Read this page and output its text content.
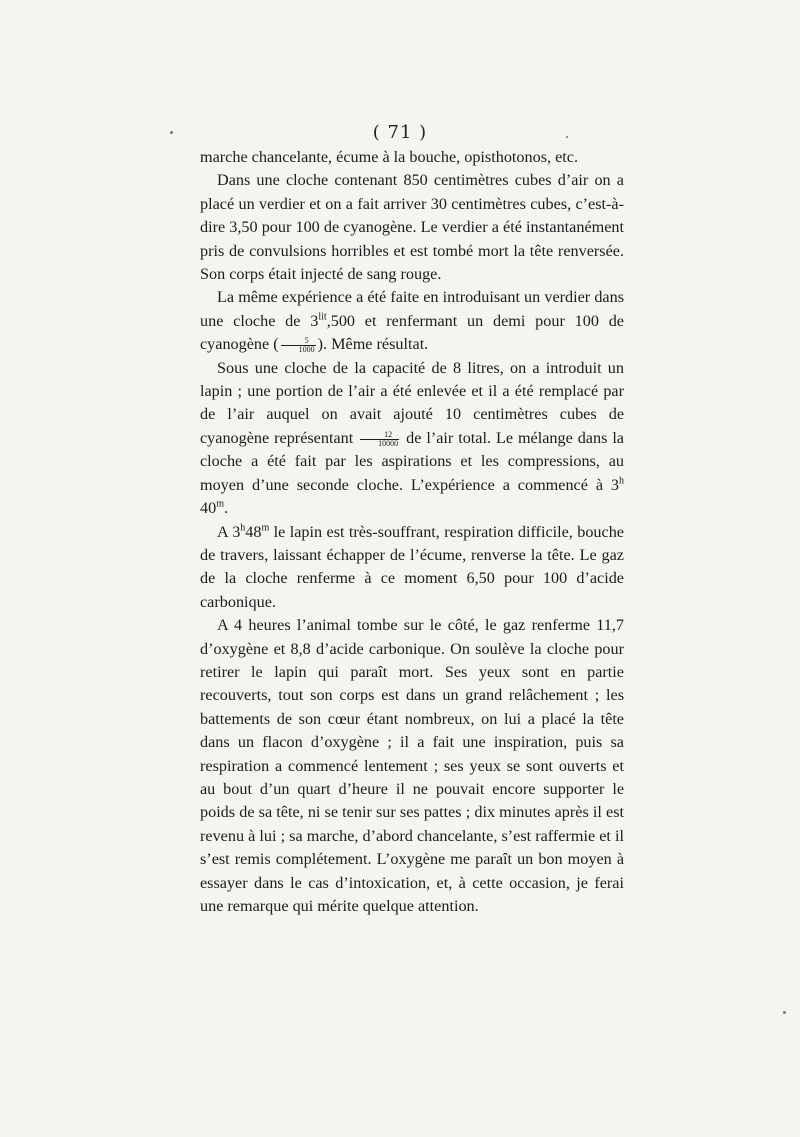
( 71 )

marche chancelante, écume à la bouche, opisthotonos, etc.

Dans une cloche contenant 850 centimètres cubes d’air on a placé un verdier et on a fait arriver 30 centimètres cubes, c’est-à-dire 3,50 pour 100 de cyanogène. Le verdier a été instantanément pris de convulsions horribles et est tombé mort la tête renversée. Son corps était injecté de sang rouge.

La même expérience a été faite en introduisant un verdier dans une cloche de $3^{lit},500$ et renfermant un demi pour 100 de cyanogène ( $\frac{5}{1000}$ ). Même résultat.

Sous une cloche de la capacité de 8 litres, on a introduit un lapin ; une portion de l’air a été enlevée et il a été remplacé par de l’air auquel on avait ajouté 10 centimètres cubes de cyanogène représentant $\frac{12}{10000}$ de l’air total. Le mélange dans la cloche a été fait par les aspirations et les compressions, au moyen d’une seconde cloche. L’expérience a commencé à 3$^h$ 40$^m$.

A 3$^h$48$^m$ le lapin est très-souffrant, respiration difficile, bouche de travers, laissant échapper de l’écume, renverse la tête. Le gaz de la cloche renferme à ce moment 6,50 pour 100 d’acide carbonique.

A 4 heures l’animal tombe sur le côté, le gaz renferme 11,7 d’oxygène et 8,8 d’acide carbonique. On soulève la cloche pour retirer le lapin qui paraît mort. Ses yeux sont en partie recouverts, tout son corps est dans un grand relâchement ; les battements de son cœur étant nombreux, on lui a placé la tête dans un flacon d’oxygène ; il a fait une inspiration, puis sa respiration a commencé lentement ; ses yeux se sont ouverts et au bout d’un quart d’heure il ne pouvait encore supporter le poids de sa tête, ni se tenir sur ses pattes ; dix minutes après il est revenu à lui ; sa marche, d’abord chancelante, s’est raffermie et il s’est remis complétement. L’oxygène me paraît un bon moyen à essayer dans le cas d’intoxication, et, à cette occasion, je ferai une remarque qui mérite quelque attention.
